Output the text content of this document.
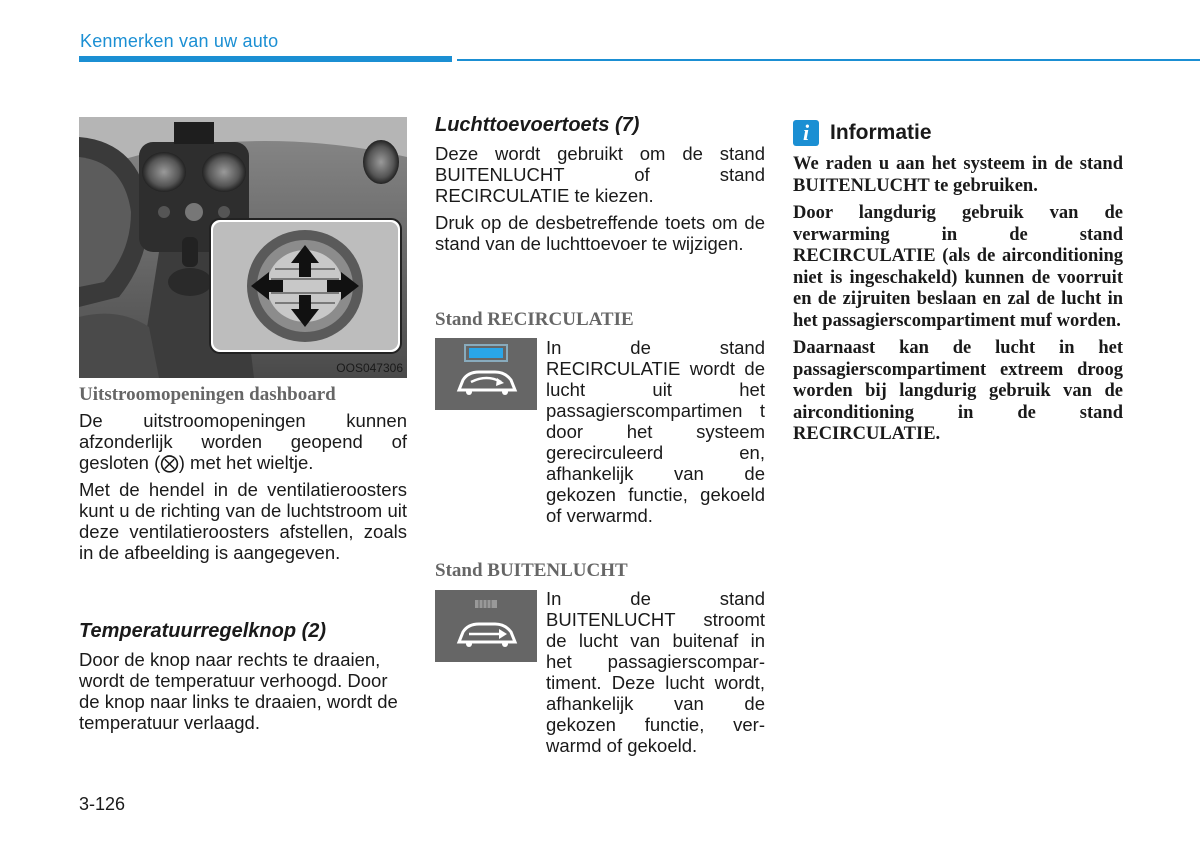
Kenmerken van uw auto
OOS047306

Uitstroomopeningen dashboard

De uitstroomopeningen kunnen afzonderlijk worden geopend of gesloten (⨂) met het wieltje.

Met de hendel in de ventilatieroosters kunt u de richting van de luchtstroom uit deze ventilatieroosters afstellen, zoals in de afbeelding is aangegeven.

Temperatuurregelknop (2)

Door de knop naar rechts te draaien, wordt de temperatuur verhoogd. Door de knop naar links te draaien, wordt de temperatuur verlaagd.

Luchttoevoertoets (7)

Deze wordt gebruikt om de stand BUITENLUCHT of stand RECIRCULATIE te kiezen.

Druk op de desbetreffende toets om de stand van de luchttoevoer te wijzigen.

Stand RECIRCULATIE

In de stand RECIRCULATIE wordt de lucht uit het passagierscompartimen t door het systeem gerecirculeerd en, afhankelijk van de gekozen functie, gekoeld of verwarmd.

Stand BUITENLUCHT

In de stand BUITENLUCHT stroomt de lucht van buitenaf in het passagierscompartiment. Deze lucht wordt, afhankelijk van de gekozen functie, verwarmd of gekoeld.

i Informatie

We raden u aan het systeem in de stand BUITENLUCHT te gebruiken.

Door langdurig gebruik van de verwarming in de stand RECIRCULATIE (als de airconditioning niet is ingeschakeld) kunnen de voorruit en de zijruiten beslaan en zal de lucht in het passagierscompartiment muf worden.

Daarnaast kan de lucht in het passagierscompartiment extreem droog worden bij langdurig gebruik van de airconditioning in de stand RECIRCULATIE.

3-126
